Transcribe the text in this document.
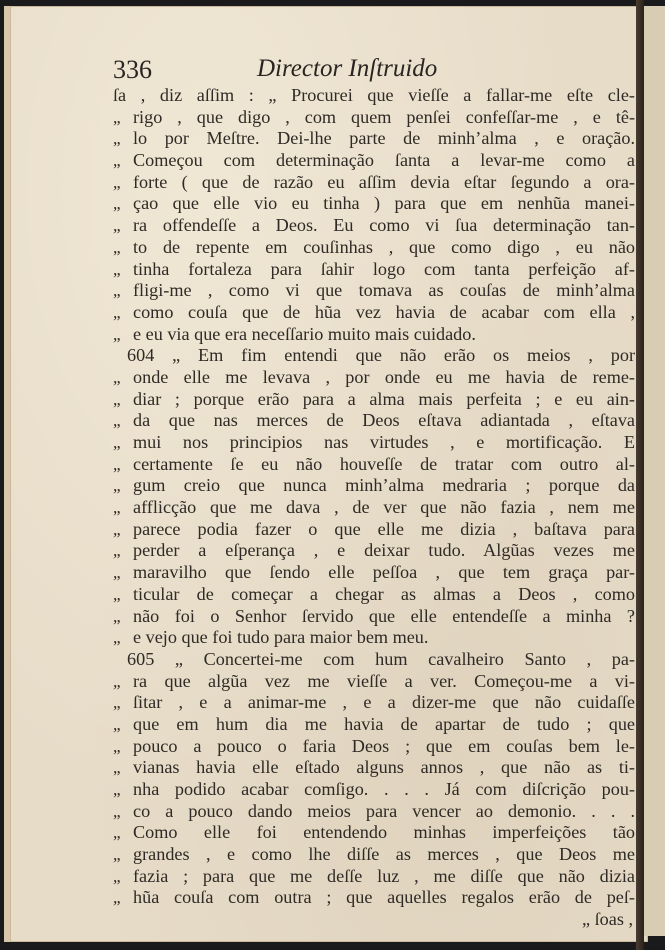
336	Director Inſtruido
ſa , diz aſſim : „ Procurei que vieſſe a fallar-me eſte cle-
„ rigo , que digo , com quem penſei confeſſar-me , e tê-
„ lo por Meſtre. Dei-lhe parte de minh’alma , e oração.
„ Começou com determinação ſanta a levar-me como a
„ forte ( que de razão eu aſſim devia eſtar ſegundo a ora-
„ çao que elle vio eu tinha ) para que em nenhũa manei-
„ ra offendeſſe a Deos. Eu como vi ſua determinação tan-
„ to de repente em couſinhas , que como digo , eu não
„ tinha fortaleza para ſahir logo com tanta perfeição af-
„ fligi-me , como vi que tomava as couſas de minh’alma
„ como couſa que de hũa vez havia de acabar com ella ,
„ e eu via que era neceſſario muito mais cuidado.
604 „ Em fim entendi que não erão os meios , por
„ onde elle me levava , por onde eu me havia de reme-
„ diar ; porque erão para a alma mais perfeita ; e eu ain-
„ da que nas merces de Deos eſtava adiantada , eſtava
„ mui nos principios nas virtudes , e mortificação. E
„ certamente ſe eu não houveſſe de tratar com outro al-
„ gum creio que nunca minh’alma medraria ; porque da
„ afflicção que me dava , de ver que não fazia , nem me
„ parece podia fazer o que elle me dizia , baſtava para
„ perder a eſperança , e deixar tudo. Algũas vezes me
„ maravilho que ſendo elle peſſoa , que tem graça par-
„ ticular de começar a chegar as almas a Deos , como
„ não foi o Senhor ſervido que elle entendeſſe a minha ?
„ e vejo que foi tudo para maior bem meu.
605 „ Concertei-me com hum cavalheiro Santo , pa-
„ ra que algũa vez me vieſſe a ver. Começou-me a vi-
„ ſitar , e a animar-me , e a dizer-me que não cuidaſſe
„ que em hum dia me havia de apartar de tudo ; que
„ pouco a pouco o faria Deos ; que em couſas bem le-
„ vianas havia elle eſtado alguns annos , que não as ti-
„ nha podido acabar comſigo. . . . Já com diſcrição pou-
„ co a pouco dando meios para vencer ao demonio. . . .
„ Como elle foi entendendo minhas imperfeições tão
„ grandes , e como lhe diſſe as merces , que Deos me
„ fazia ; para que me deſſe luz , me diſſe que não dizia
„ hũa couſa com outra ; que aquelles regalos erão de peſ-
„ ſoas ,
